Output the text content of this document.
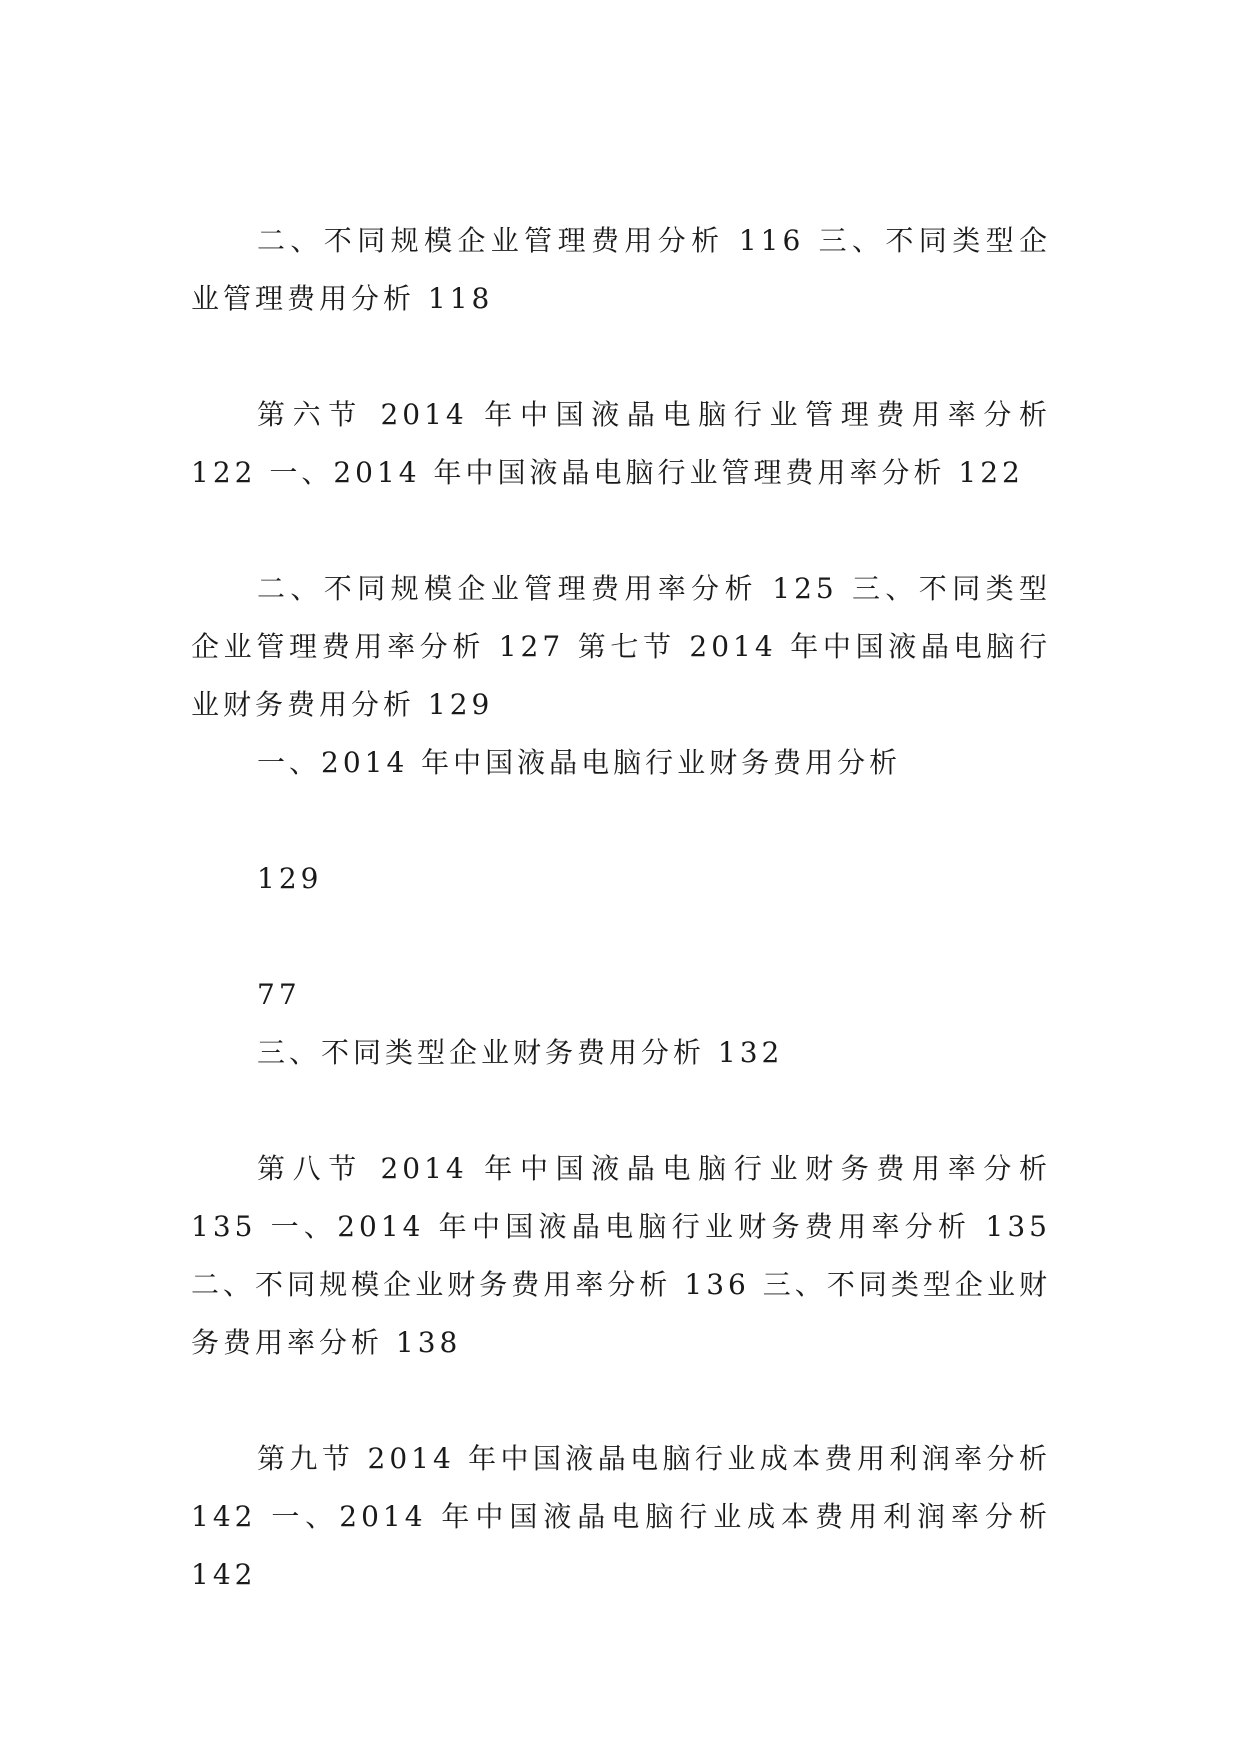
二、不同规模企业管理费用分析 116 三、不同类型企业管理费用分析 118

第六节 2014 年中国液晶电脑行业管理费用率分析 122 一、2014 年中国液晶电脑行业管理费用率分析 122

二、不同规模企业管理费用率分析 125 三、不同类型企业管理费用率分析 127 第七节 2014 年中国液晶电脑行业财务费用分析 129

一、2014 年中国液晶电脑行业财务费用分析

129

77

三、不同类型企业财务费用分析 132

第八节 2014 年中国液晶电脑行业财务费用率分析 135 一、2014 年中国液晶电脑行业财务费用率分析 135 二、不同规模企业财务费用率分析 136 三、不同类型企业财务费用率分析 138

第九节 2014 年中国液晶电脑行业成本费用利润率分析 142 一、2014 年中国液晶电脑行业成本费用利润率分析 142
